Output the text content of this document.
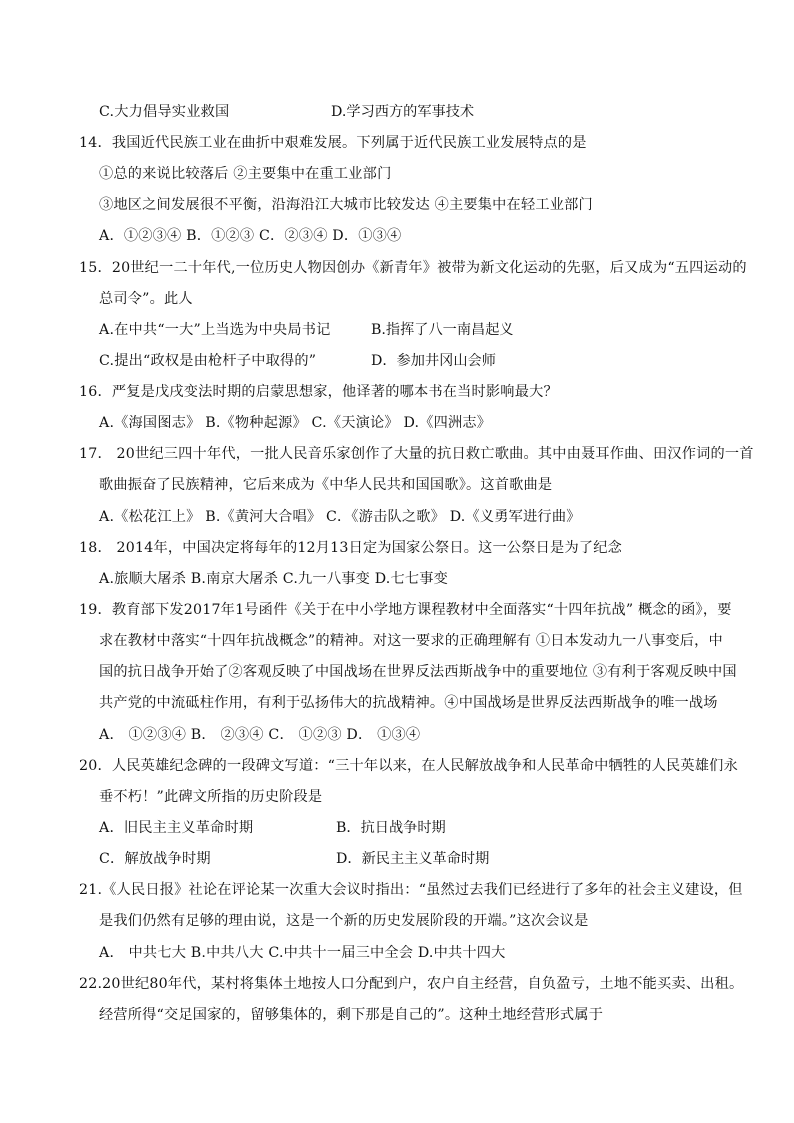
C.大力倡导实业救国	D.学习西方的军事技术
14．我国近代民族工业在曲折中艰难发展。下列属于近代民族工业发展特点的是
①总的来说比较落后 ②主要集中在重工业部门
③地区之间发展很不平衡，沿海沿江大城市比较发达 ④主要集中在轻工业部门
A．①②③④ B．①②③ C．②③④ D．①③④
15．20世纪一二十年代,一位历史人物因创办《新青年》被带为新文化运动的先驱，后又成为“五四运动的
总司令”。此人
A.在中共“一大”上当选为中央局书记	B.指挥了八一南昌起义
C.提出“政权是由枪杆子中取得的”	D．参加井冈山会师
16．严复是戊戌变法时期的启蒙思想家，他译著的哪本书在当时影响最大？
A.《海国图志》 B.《物种起源》 C.《天演论》 D.《四洲志》
17． 20世纪三四十年代，一批人民音乐家创作了大量的抗日救亡歌曲。其中由聂耳作曲、田汉作词的一首
歌曲振奋了民族精神，它后来成为《中华人民共和国国歌》。这首歌曲是
A.《松花江上》 B.《黄河大合唱》 C．《游击队之歌》 D.《义勇军进行曲》
18． 2014年，中国决定将每年的12月13日定为国家公祭日。这一公祭日是为了纪念
A.旅顺大屠杀 B.南京大屠杀 C.九一八事变 D.七七事变
19．教育部下发2017年1号函件《关于在中小学地方课程教材中全面落实“十四年抗战” 概念的函》，要
求在教材中落实“十四年抗战概念”的精神。对这一要求的正确理解有 ①日本发动九一八事变后，中
国的抗日战争开始了②客观反映了中国战场在世界反法西斯战争中的重要地位 ③有利于客观反映中国
共产党的中流砥柱作用，有利于弘扬伟大的抗战精神。④中国战场是世界反法西斯战争的唯一战场
A． ①②③④ B． ②③④ C． ①②③ D． ①③④
20．人民英雄纪念碑的一段碑文写道：“三十年以来，在人民解放战争和人民革命中牺牲的人民英雄们永
垂不朽！”此碑文所指的历史阶段是
A．旧民主主义革命时期	B．抗日战争时期
C．解放战争时期	D．新民主主义革命时期
21.《人民日报》社论在评论某一次重大会议时指出：“虽然过去我们已经进行了多年的社会主义建设，但
是我们仍然有足够的理由说，这是一个新的历史发展阶段的开端。”这次会议是
A． 中共七大 B.中共八大 C.中共十一届三中全会 D.中共十四大
22.20世纪80年代，某村将集体土地按人口分配到户，农户自主经营，自负盈亏，土地不能买卖、出租。
经营所得“交足国家的，留够集体的，剩下那是自己的”。这种土地经营形式属于
